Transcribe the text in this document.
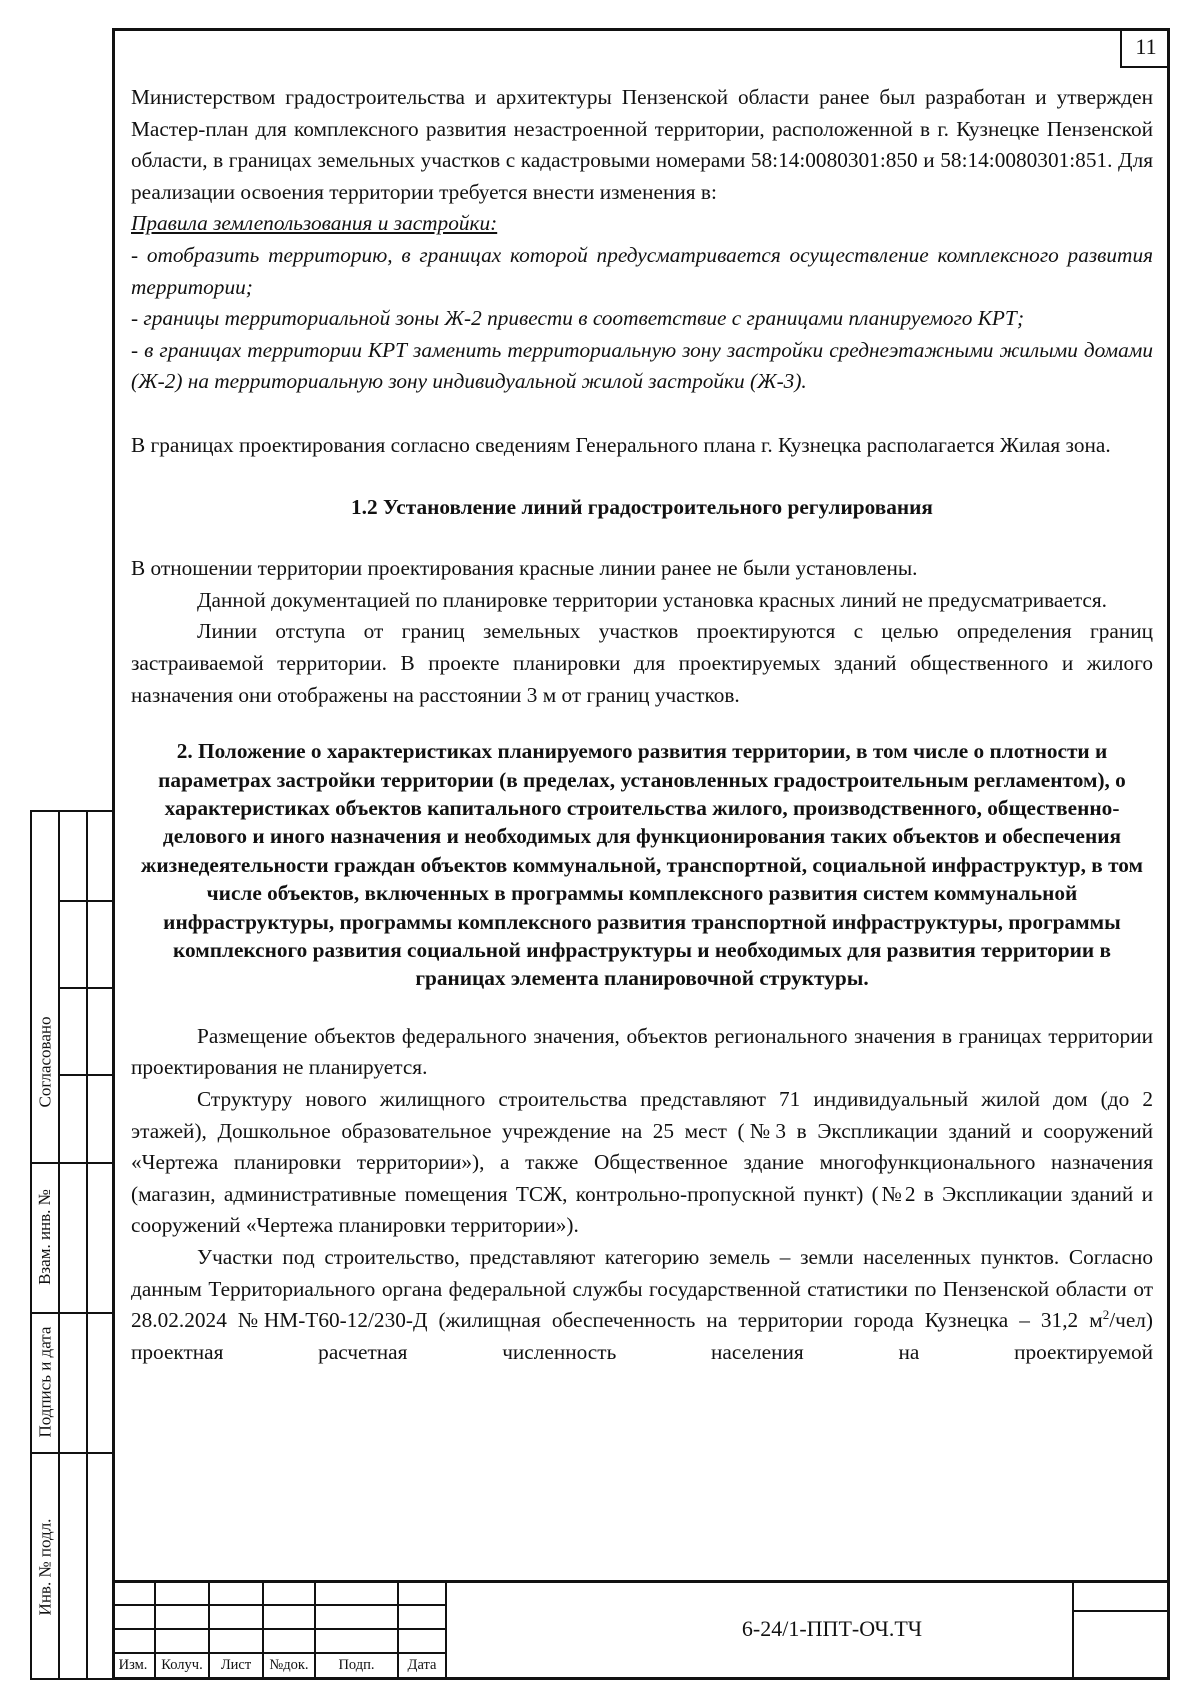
11

Министерством градостроительства и архитектуры Пензенской области ранее был разработан и утвержден Мастер-план для комплексного развития незастроенной территории, расположенной в г. Кузнецке Пензенской области, в границах земельных участков с кадастровыми номерами 58:14:0080301:850 и 58:14:0080301:851. Для реализации освоения территории требуется внести изменения в:

Правила землепользования и застройки:

- отобразить территорию, в границах которой предусматривается осуществление комплексного развития территории;

- границы территориальной зоны Ж-2 привести в соответствие с границами планируемого КРТ;

- в границах территории КРТ заменить территориальную зону застройки среднеэтажными жилыми домами (Ж-2) на территориальную зону индивидуальной жилой застройки (Ж-3).

В границах проектирования согласно сведениям Генерального плана г. Кузнецка располагается Жилая зона.

1.2 Установление линий градостроительного регулирования

В отношении территории проектирования красные линии ранее не были установлены.

Данной документацией по планировке территории установка красных линий не предусматривается.

Линии отступа от границ земельных участков проектируются с целью определения границ застраиваемой территории. В проекте планировки для проектируемых зданий общественного и жилого назначения они отображены на расстоянии 3 м от границ участков.

2. Положение о характеристиках планируемого развития территории, в том числе о плотности и параметрах застройки территории (в пределах, установленных градостроительным регламентом), о характеристиках объектов капитального строительства жилого, производственного, общественно-делового и иного назначения и необходимых для функционирования таких объектов и обеспечения жизнедеятельности граждан объектов коммунальной, транспортной, социальной инфраструктур, в том числе объектов, включенных в программы комплексного развития систем коммунальной инфраструктуры, программы комплексного развития транспортной инфраструктуры, программы комплексного развития социальной инфраструктуры и необходимых для развития территории в границах элемента планировочной структуры.

Размещение объектов федерального значения, объектов регионального значения в границах территории проектирования не планируется.

Структуру нового жилищного строительства представляют 71 индивидуальный жилой дом (до 2 этажей), Дошкольное образовательное учреждение на 25 мест (№3 в Экспликации зданий и сооружений «Чертежа планировки территории»), а также Общественное здание многофункционального назначения (магазин, административные помещения ТСЖ, контрольно-пропускной пункт) (№2 в Экспликации зданий и сооружений «Чертежа планировки территории»).

Участки под строительство, представляют категорию земель – земли населенных пунктов. Согласно данным Территориального органа федеральной службы государственной статистики по Пензенской области от 28.02.2024 №НМ-Т60-12/230-Д (жилищная обеспеченность на территории города Кузнецка – 31,2 $м^2/чел$) проектная расчетная численность населения на проектируемой

Согласовано
Взам. инв. №
Подпись и дата
Инв. № подл.
Изм. Колуч.	Лист	№док.	Подп.	Дата
6-24/1-ППТ-ОЧ.ТЧ
